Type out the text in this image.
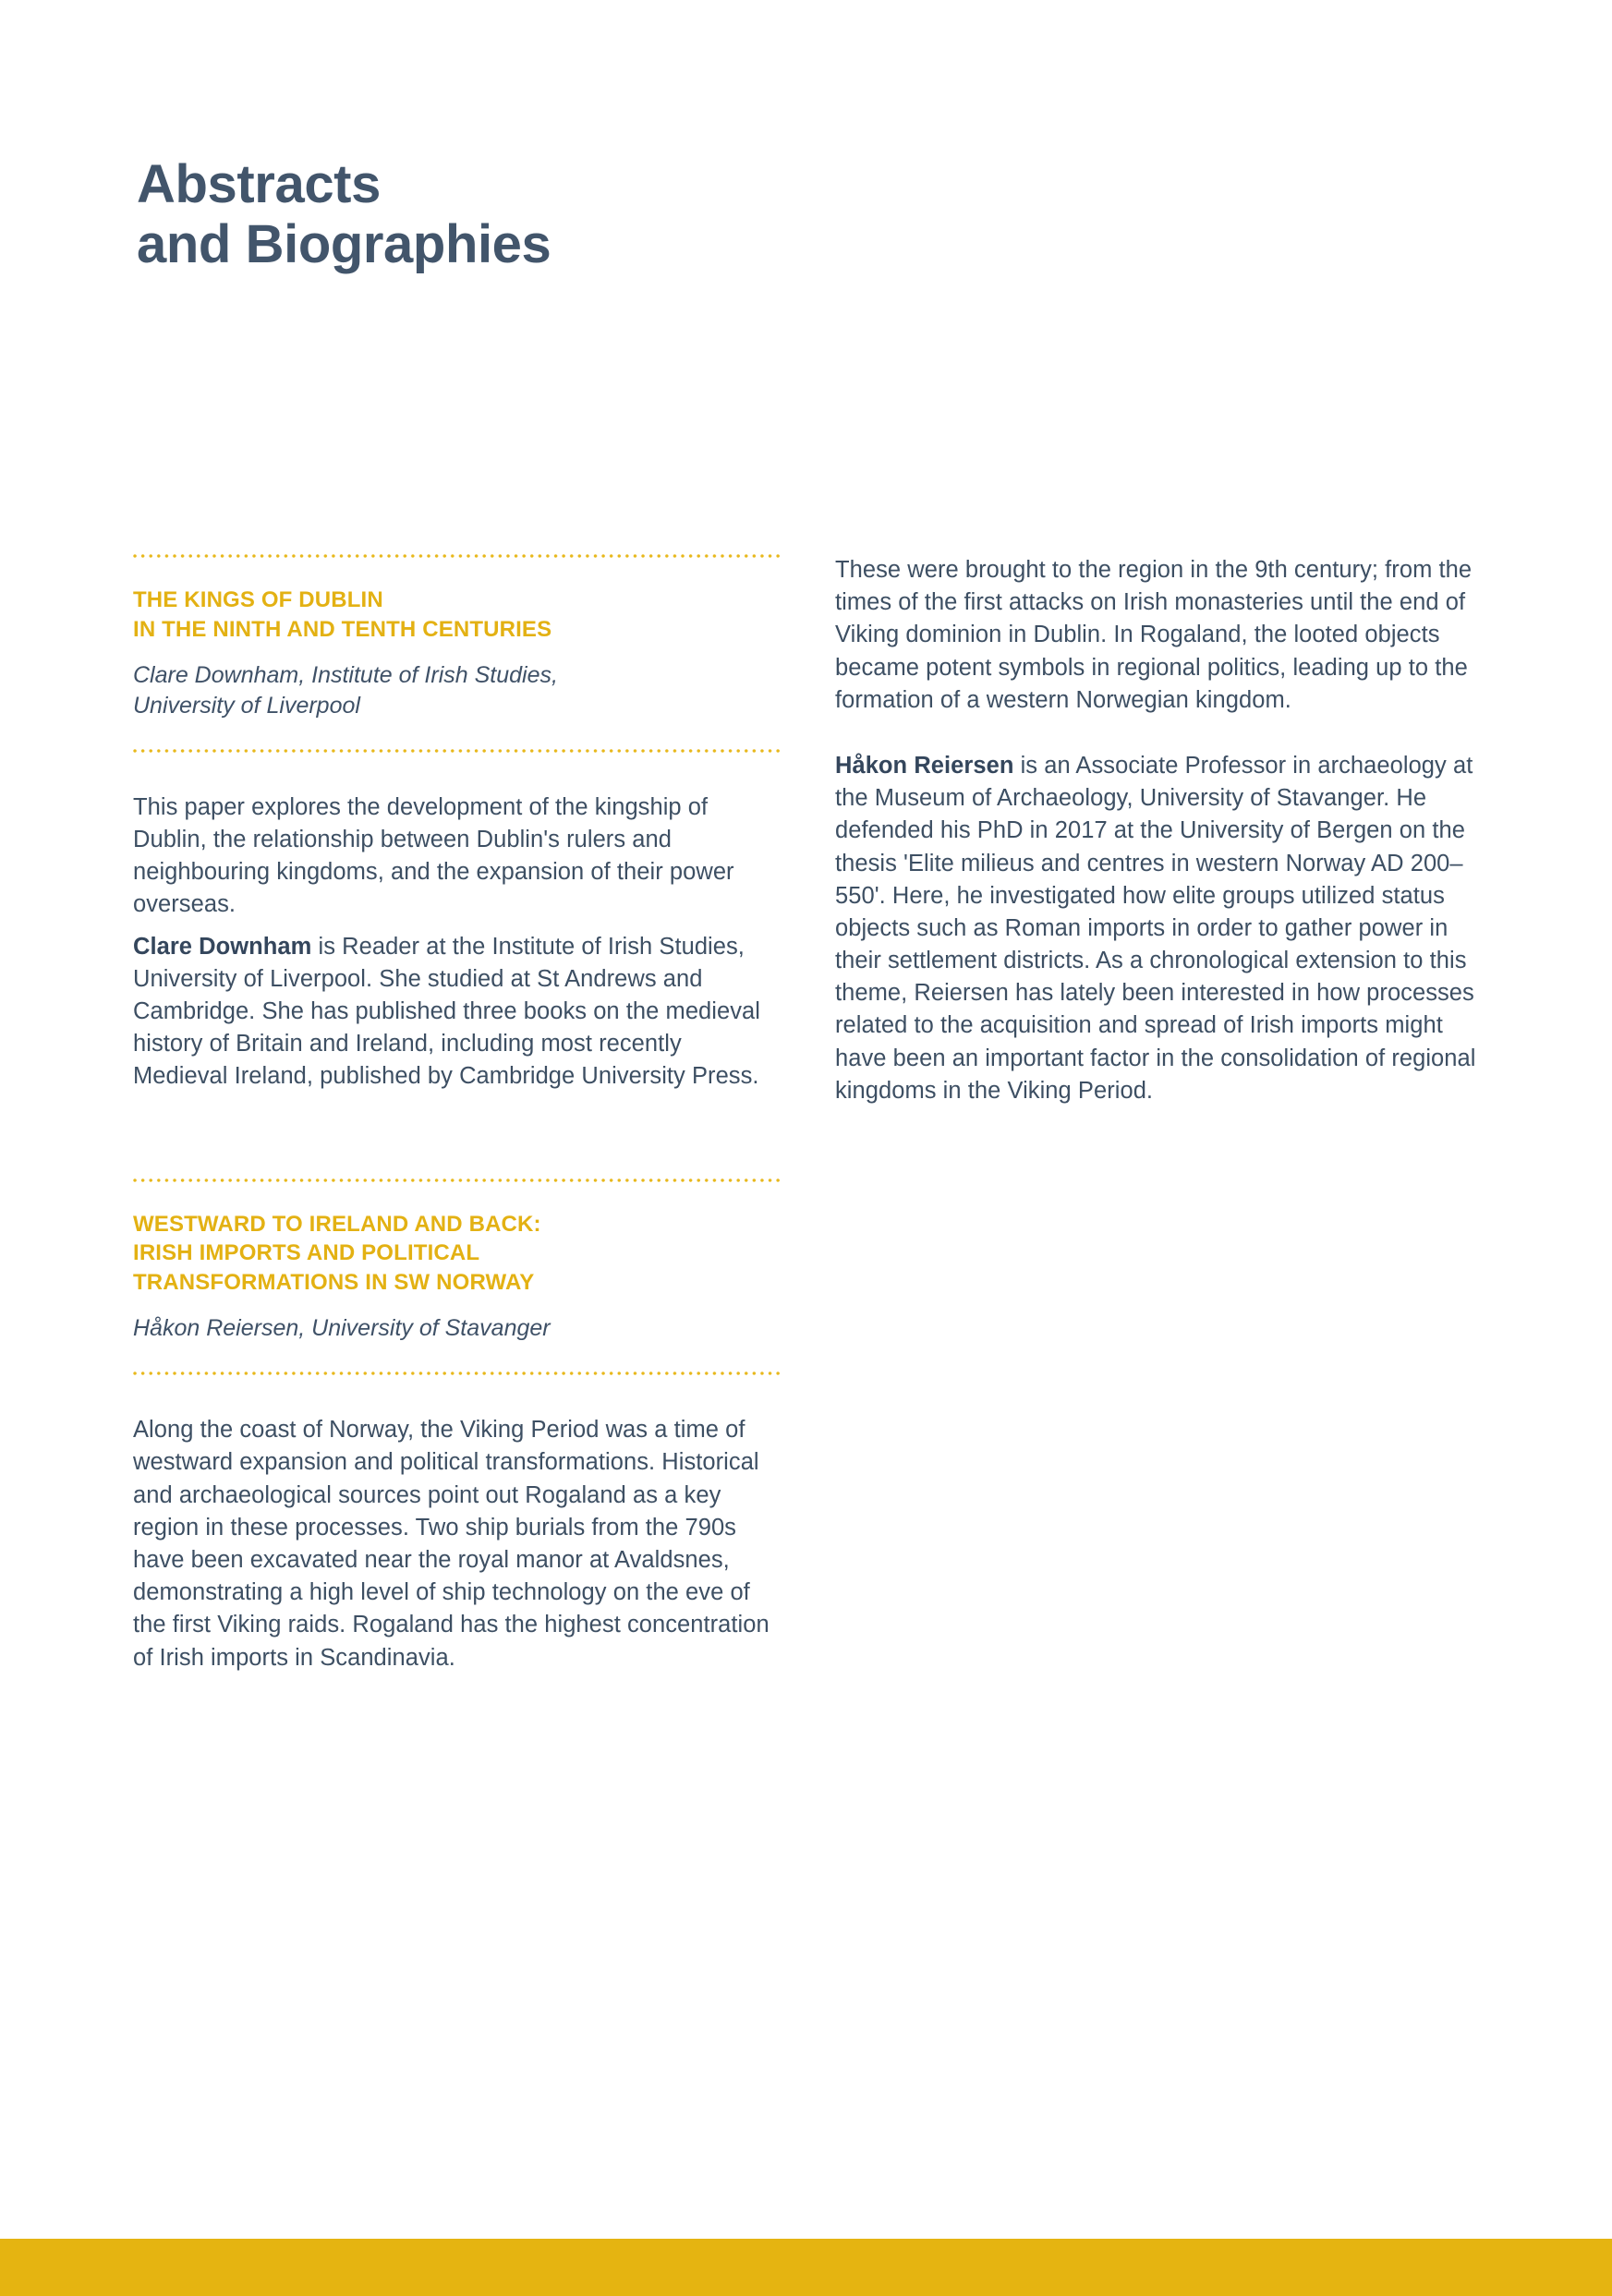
Abstracts
and Biographies
THE KINGS OF DUBLIN
IN THE NINTH AND TENTH CENTURIES
Clare Downham, Institute of Irish Studies,
University of Liverpool

This paper explores the development of the kingship of Dublin, the relationship between Dublin's rulers and neighbouring kingdoms, and the expansion of their power overseas.

Clare Downham is Reader at the Institute of Irish Studies, University of Liverpool. She studied at St Andrews and Cambridge. She has published three books on the medieval history of Britain and Ireland, including most recently Medieval Ireland, published by Cambridge University Press.

WESTWARD TO IRELAND AND BACK:
IRISH IMPORTS AND POLITICAL
TRANSFORMATIONS IN SW NORWAY
Håkon Reiersen, University of Stavanger

Along the coast of Norway, the Viking Period was a time of westward expansion and political transformations. Historical and archaeological sources point out Rogaland as a key region in these processes. Two ship burials from the 790s have been excavated near the royal manor at Avaldsnes, demonstrating a high level of ship technology on the eve of the first Viking raids. Rogaland has the highest concentration of Irish imports in Scandinavia.

These were brought to the region in the 9th century; from the times of the first attacks on Irish monasteries until the end of Viking dominion in Dublin. In Rogaland, the looted objects became potent symbols in regional politics, leading up to the formation of a western Norwegian kingdom.

Håkon Reiersen is an Associate Professor in archaeology at the Museum of Archaeology, University of Stavanger. He defended his PhD in 2017 at the University of Bergen on the thesis 'Elite milieus and centres in western Norway AD 200–550'. Here, he investigated how elite groups utilized status objects such as Roman imports in order to gather power in their settlement districts. As a chronological extension to this theme, Reiersen has lately been interested in how processes related to the acquisition and spread of Irish imports might have been an important factor in the consolidation of regional kingdoms in the Viking Period.
